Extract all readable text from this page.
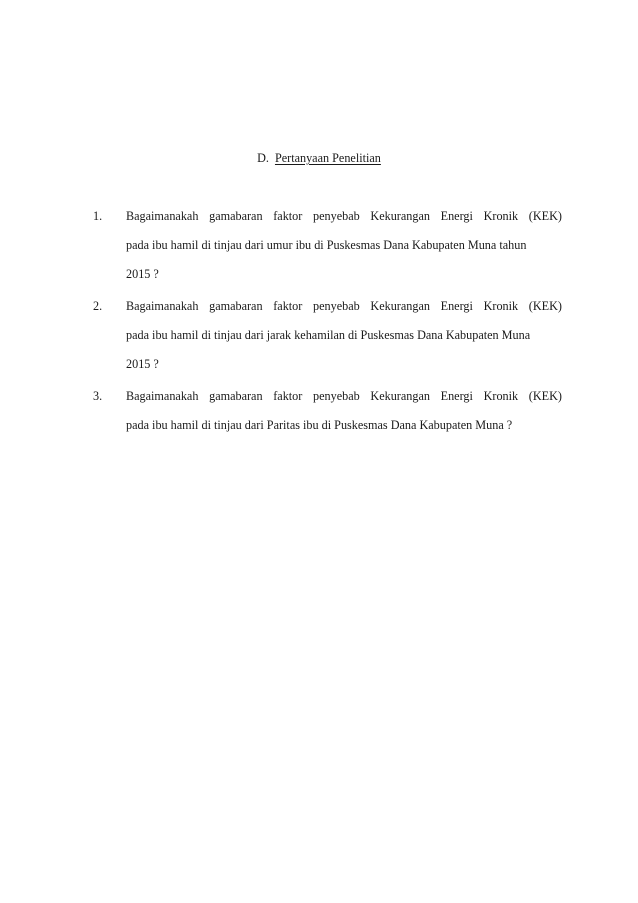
D. Pertanyaan Penelitian
1. Bagaimanakah gamabaran faktor penyebab Kekurangan Energi Kronik (KEK)
pada ibu hamil di tinjau dari umur ibu di Puskesmas Dana Kabupaten Muna tahun
2015 ?
2. Bagaimanakah gamabaran faktor penyebab Kekurangan Energi Kronik (KEK)
pada ibu hamil di tinjau dari jarak kehamilan di Puskesmas Dana Kabupaten Muna
2015 ?
3. Bagaimanakah gamabaran faktor penyebab Kekurangan Energi Kronik (KEK)
pada ibu hamil di tinjau dari Paritas ibu di Puskesmas Dana Kabupaten Muna ?
